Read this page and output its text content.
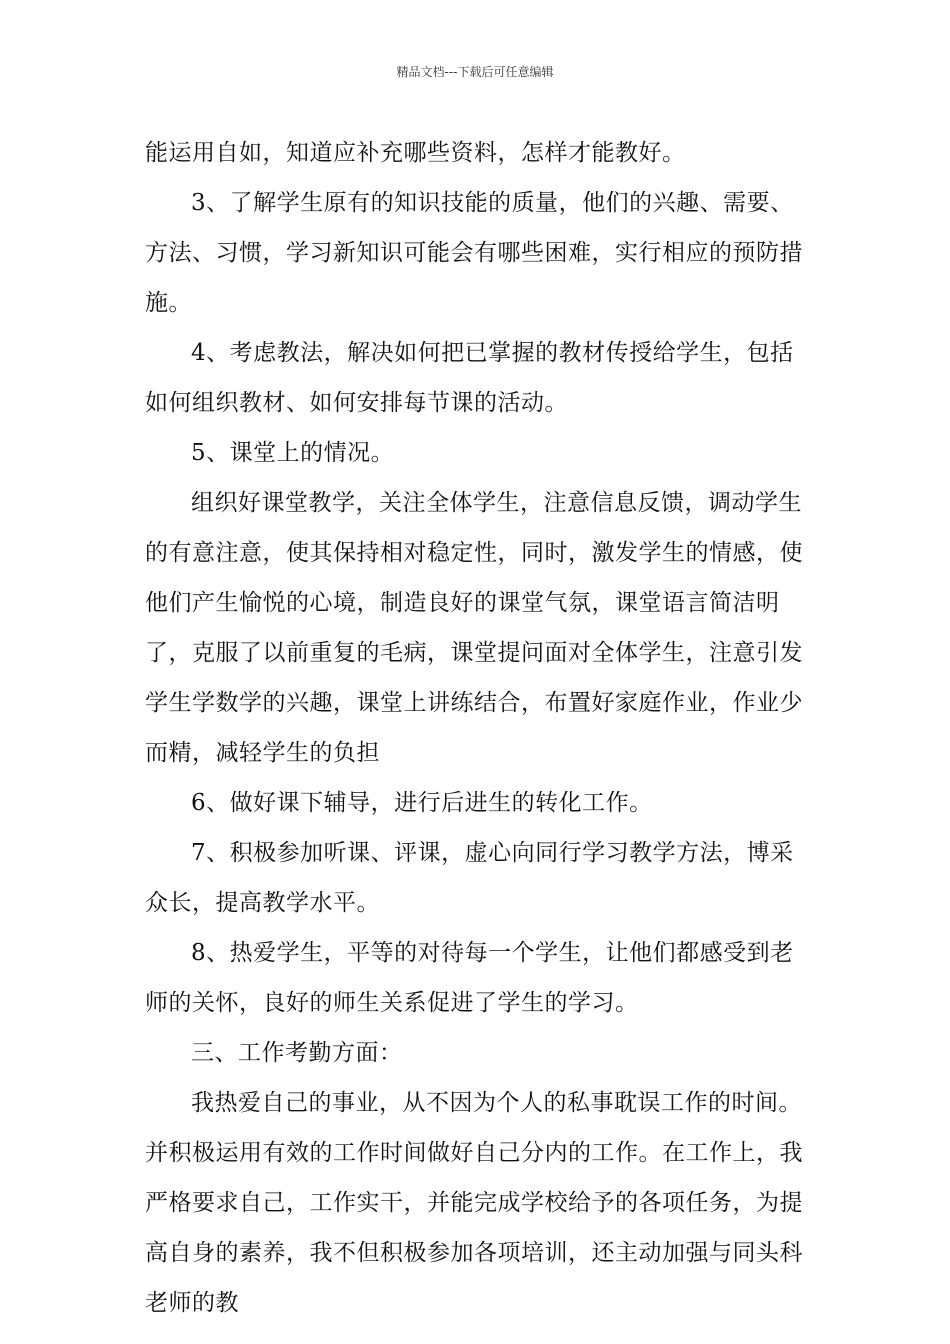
精品文档---下载后可任意编辑

能运用自如，知道应补充哪些资料，怎样才能教好。

3、了解学生原有的知识技能的质量，他们的兴趣、需要、方法、习惯，学习新知识可能会有哪些困难，实行相应的预防措施。

4、考虑教法，解决如何把已掌握的教材传授给学生，包括如何组织教材、如何安排每节课的活动。

5、课堂上的情况。

组织好课堂教学，关注全体学生，注意信息反馈，调动学生的有意注意，使其保持相对稳定性，同时，激发学生的情感，使他们产生愉悦的心境，制造良好的课堂气氛，课堂语言简洁明了，克服了以前重复的毛病，课堂提问面对全体学生，注意引发学生学数学的兴趣，课堂上讲练结合，布置好家庭作业，作业少而精，减轻学生的负担

6、做好课下辅导，进行后进生的转化工作。

7、积极参加听课、评课，虚心向同行学习教学方法，博采众长，提高教学水平。

8、热爱学生，平等的对待每一个学生，让他们都感受到老师的关怀，良好的师生关系促进了学生的学习。

三、工作考勤方面：

我热爱自己的事业，从不因为个人的私事耽误工作的时间。并积极运用有效的工作时间做好自己分内的工作。在工作上，我严格要求自己，工作实干，并能完成学校给予的各项任务，为提高自身的素养，我不但积极参加各项培训，还主动加强与同头科老师的教
